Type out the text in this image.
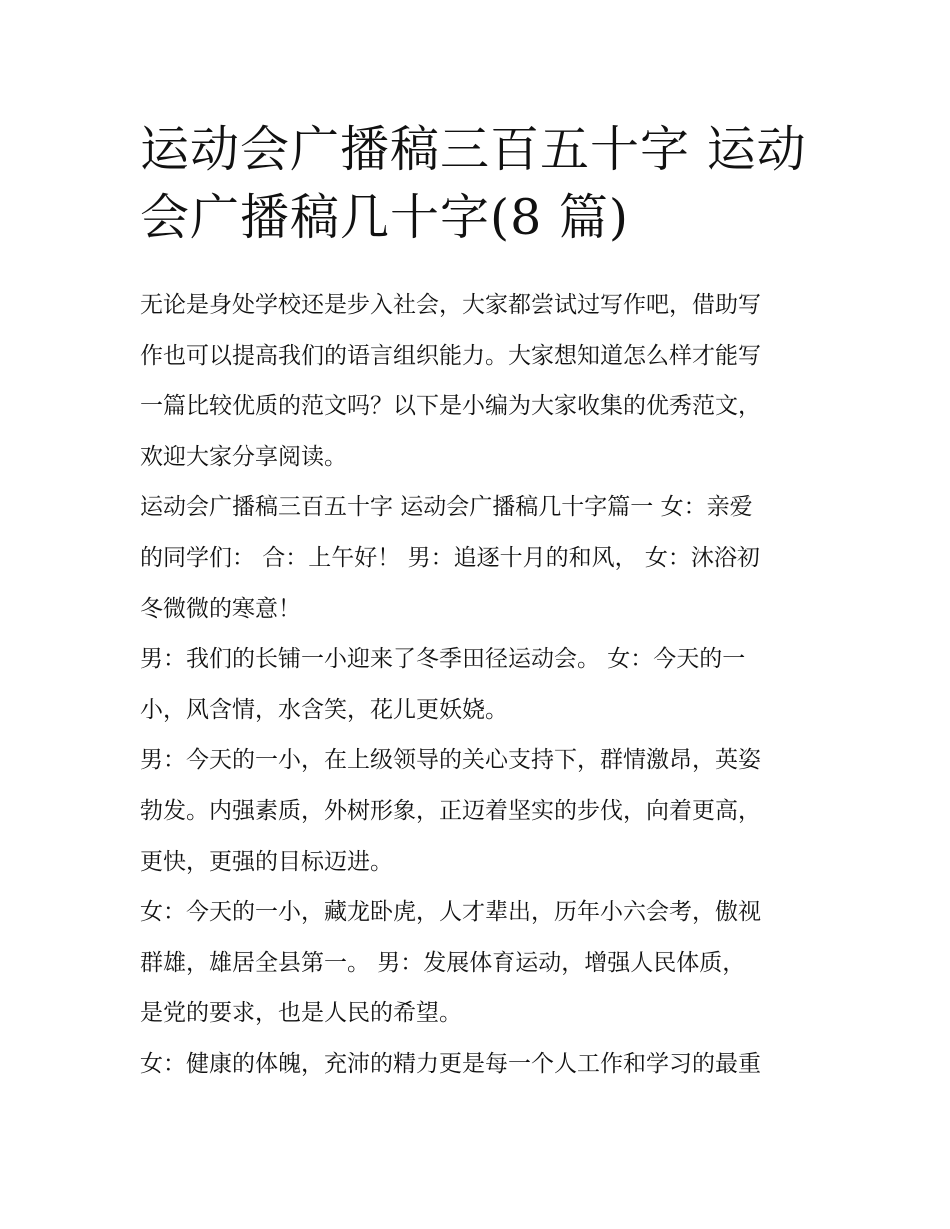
运动会广播稿三百五十字 运动
会广播稿几十字(8 篇)

无论是身处学校还是步入社会，大家都尝试过写作吧，借助写
作也可以提高我们的语言组织能力。大家想知道怎么样才能写
一篇比较优质的范文吗？以下是小编为大家收集的优秀范文，
欢迎大家分享阅读。

运动会广播稿三百五十字 运动会广播稿几十字篇一 女：亲爱
的同学们： 合：上午好！ 男：追逐十月的和风， 女：沐浴初
冬微微的寒意！

男：我们的长铺一小迎来了冬季田径运动会。 女：今天的一
小，风含情，水含笑，花儿更妖娆。

男：今天的一小，在上级领导的关心支持下，群情激昂，英姿
勃发。内强素质，外树形象，正迈着坚实的步伐，向着更高，
更快，更强的目标迈进。

女：今天的一小，藏龙卧虎，人才辈出，历年小六会考，傲视
群雄，雄居全县第一。 男：发展体育运动，增强人民体质，
是党的要求，也是人民的希望。

女：健康的体魄，充沛的精力更是每一个人工作和学习的最重
